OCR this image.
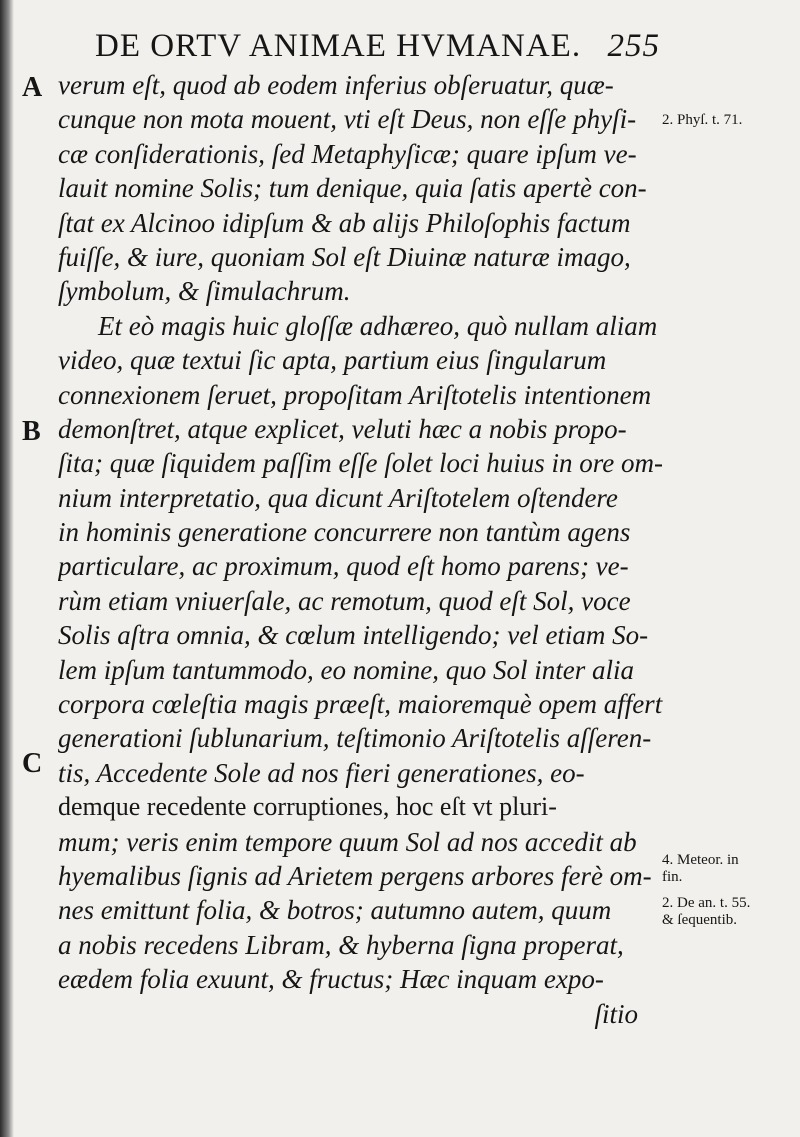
DE ORTV ANIMAE HVMANAE. 255
A
B
C
verum eſt, quod ab eodem inferius obſeruatur, quæ-
cunque non mota mouent, vti eſt Deus, non eſſe phyſi-
cæ conſiderationis, ſed Metaphyſicæ; quare ipſum ve-
lauit nomine Solis; tum denique, quia ſatis apertè con-
ſtat ex Alcinoo idipſum & ab alijs Philoſophis factum
fuiſſe, & iure, quoniam Sol eſt Diuinæ naturæ imago,
ſymbolum, & ſimulachrum.
Et eò magis huic gloſſæ adhæreo, quò nullam aliam
video, quæ textui ſic apta, partium eius ſingularum
connexionem ſeruet, propoſitam Ariſtotelis intentionem
demonſtret, atque explicet, veluti hæc a nobis propo-
ſita; quæ ſiquidem paſſim eſſe ſolet loci huius in ore om-
nium interpretatio, qua dicunt Ariſtotelem oſtendere
in hominis generatione concurrere non tantùm agens
particulare, ac proximum, quod eſt homo parens; ve-
rùm etiam vniuerſale, ac remotum, quod eſt Sol, voce
Solis aſtra omnia, & cœlum intelligendo; vel etiam So-
lem ipſum tantummodo, eo nomine, quo Sol inter alia
corpora cœleſtia magis præeſt, maioremquè opem affert
generationi ſublunarium, teſtimonio Ariſtotelis aſſeren-
tis, Accedente Sole ad nos fieri generationes, eo-
demque recedente corruptiones, hoc eſt vt pluri-
mum; veris enim tempore quum Sol ad nos accedit ab
hyemalibus ſignis ad Arietem pergens arbores ferè om-
nes emittunt folia, & botros; autumno autem, quum
a nobis recedens Libram, & hyberna ſigna properat,
eædem folia exuunt, & fructus; Hæc inquam expo-
ſitio
2. Phyſ. t. 71.
4. Meteor. in
fin.
2. De an. t. 55.
& ſequentib.
